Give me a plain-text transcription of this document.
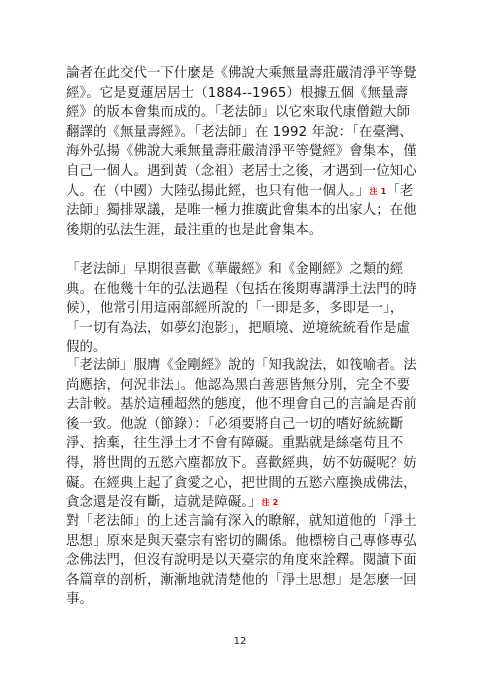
論者在此交代一下什麼是《佛說大乘無量壽莊嚴清淨平等覺經》。它是夏蓮居居士（1884--1965）根據五個《無量壽經》的版本會集而成的。「老法師」以它來取代康僧鎧大師翻譯的《無量壽經》。「老法師」在 1992 年說：「在臺灣、海外弘揚《佛說大乘無量壽莊嚴清淨平等覺經》會集本，僅自己一個人。遇到黃（念祖）老居士之後，才遇到一位知心人。在（中國）大陸弘揚此經，也只有他一個人。」注 1「老法師」獨排眾議，是唯一極力推廣此會集本的出家人；在他後期的弘法生涯，最注重的也是此會集本。

「老法師」早期很喜歡《華嚴經》和《金剛經》之類的經典。在他幾十年的弘法過程（包括在後期專講淨土法門的時候），他常引用這兩部經所說的「一即是多，多即是一」，「一切有為法，如夢幻泡影」，把順境、逆境統統看作是虛假的。

「老法師」服膺《金剛經》說的「知我說法，如筏喻者。法尚應捨，何況非法」。他認為黑白善惡皆無分別，完全不要去計較。基於這種超然的態度，他不理會自己的言論是否前後一致。他說（節錄）：「必須要將自己一切的嗜好統統斷淨、捨棄，往生淨土才不會有障礙。重點就是絲毫苟且不得，將世間的五慾六塵都放下。喜歡經典，妨不妨礙呢？妨礙。在經典上起了貪愛之心，把世間的五慾六塵換成佛法，貪念還是沒有斷，這就是障礙。」注 2

對「老法師」的上述言論有深入的瞭解，就知道他的「淨土思想」原來是與天臺宗有密切的關係。他標榜自己專修專弘念佛法門，但沒有說明是以天臺宗的角度來詮釋。閱讀下面各篇章的剖析，漸漸地就清楚他的「淨土思想」是怎麼一回事。

12
